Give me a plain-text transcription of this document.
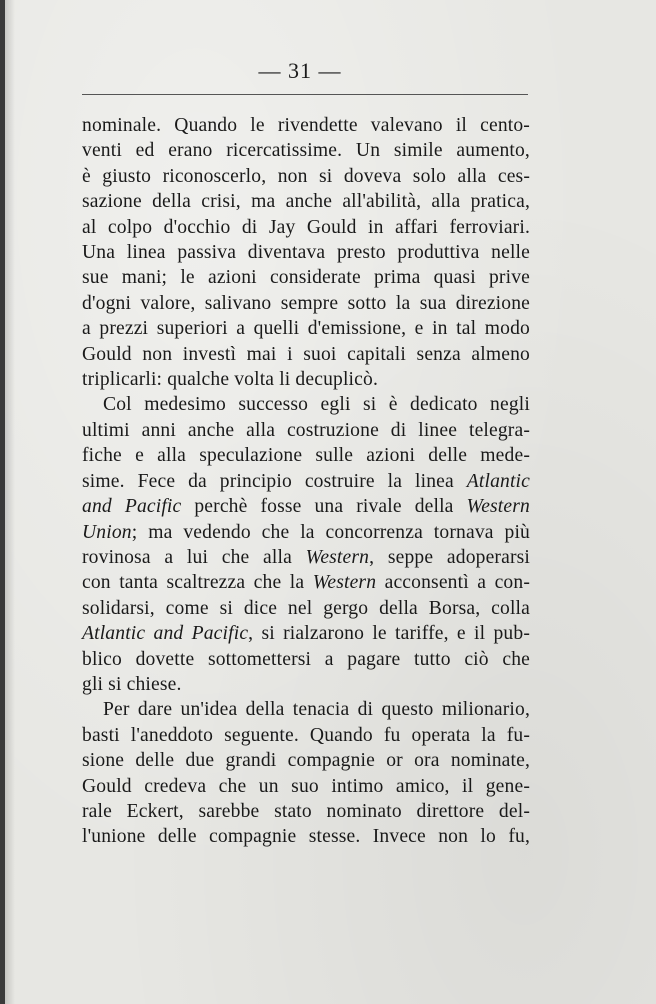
— 31 —
nominale. Quando le rivendette valevano il cento-
venti ed erano ricercatissime. Un simile aumento,
è giusto riconoscerlo, non si doveva solo alla ces-
sazione della crisi, ma anche all'abilità, alla pratica,
al colpo d'occhio di Jay Gould in affari ferroviari.
Una linea passiva diventava presto produttiva nelle
sue mani; le azioni considerate prima quasi prive
d'ogni valore, salivano sempre sotto la sua direzione
a prezzi superiori a quelli d'emissione, e in tal modo
Gould non investì mai i suoi capitali senza almeno
triplicarli: qualche volta li decuplicò.
Col medesimo successo egli si è dedicato negli
ultimi anni anche alla costruzione di linee telegra-
fiche e alla speculazione sulle azioni delle mede-
sime. Fece da principio costruire la linea Atlantic
and Pacific perchè fosse una rivale della Western
Union; ma vedendo che la concorrenza tornava più
rovinosa a lui che alla Western, seppe adoperarsi
con tanta scaltrezza che la Western acconsentì a con-
solidarsi, come si dice nel gergo della Borsa, colla
Atlantic and Pacific, si rialzarono le tariffe, e il pub-
blico dovette sottomettersi a pagare tutto ciò che
gli si chiese.
Per dare un'idea della tenacia di questo milionario,
basti l'aneddoto seguente. Quando fu operata la fu-
sione delle due grandi compagnie or ora nominate,
Gould credeva che un suo intimo amico, il gene-
rale Eckert, sarebbe stato nominato direttore del-
l'unione delle compagnie stesse. Invece non lo fu,
